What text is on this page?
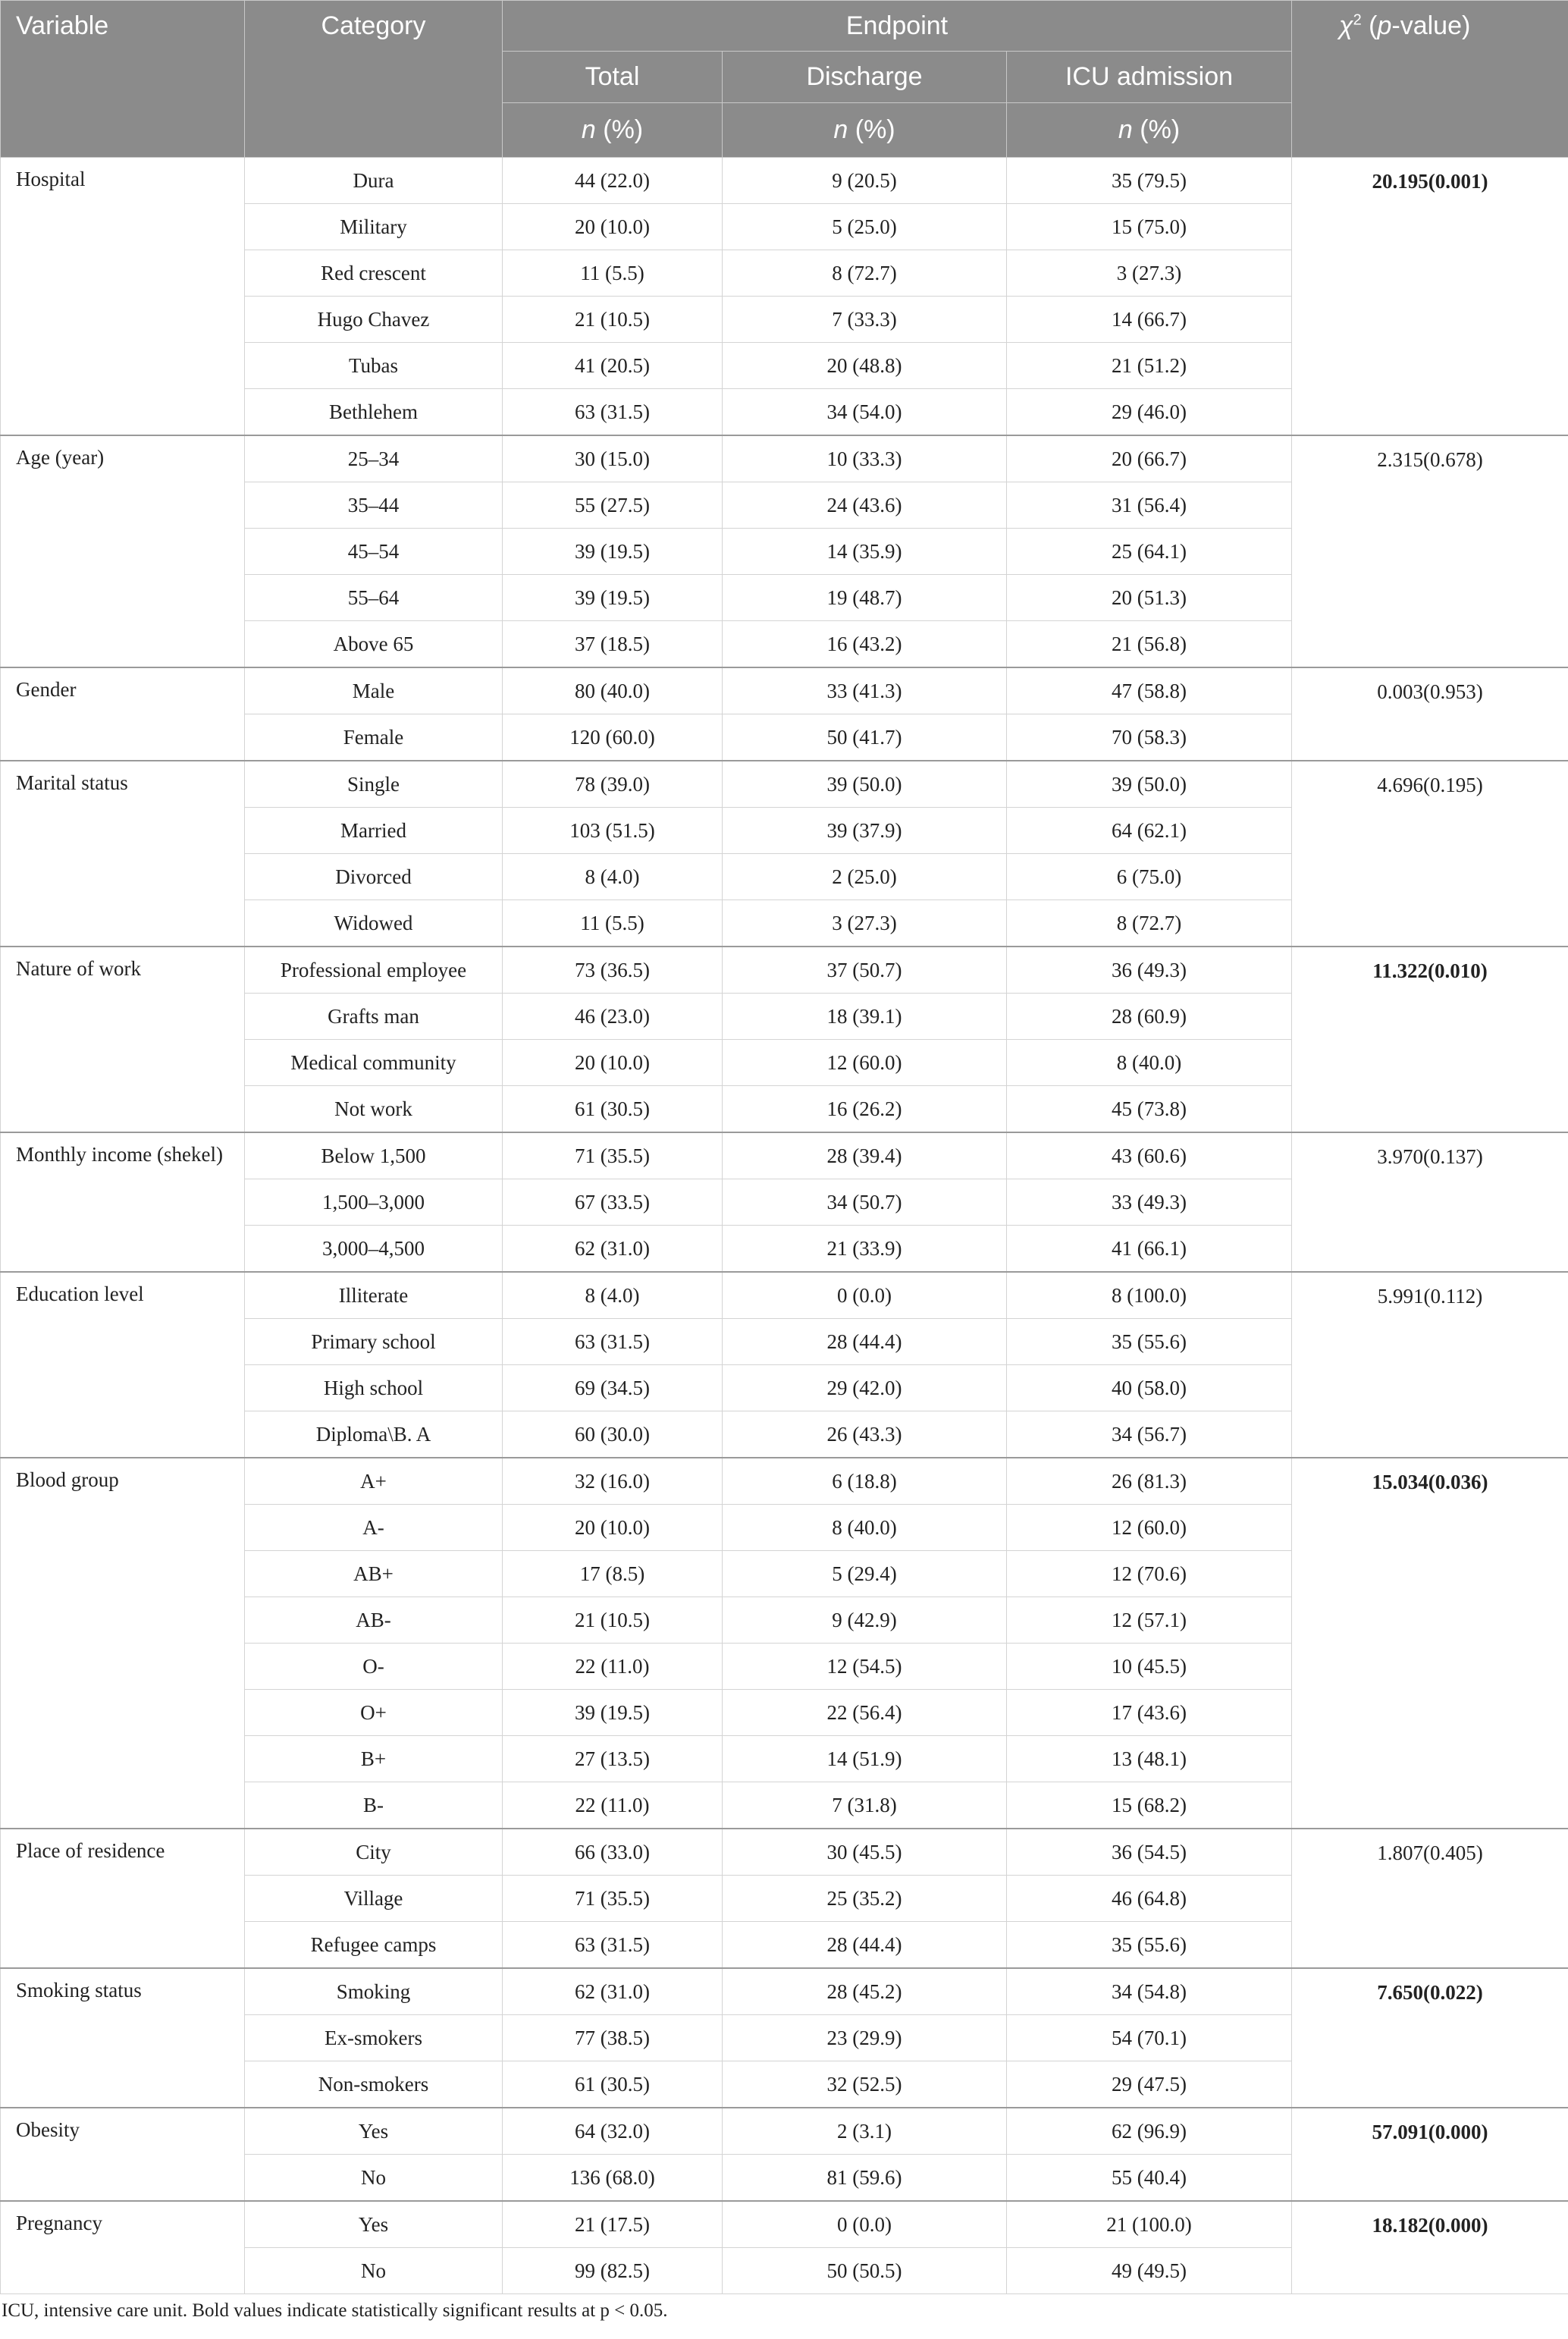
Variable	Category	Endpoint			$\chi^2$ (p-value)
		Total	Discharge	ICU admission	
		n (%)	n (%)	n (%)	

Hospital	Dura	44 (22.0)	9 (20.5)	35 (79.5)	20.195(0.001)
	Military	20 (10.0)	5 (25.0)	15 (75.0)	
	Red crescent	11 (5.5)	8 (72.7)	3 (27.3)	
	Hugo Chavez	21 (10.5)	7 (33.3)	14 (66.7)	
	Tubas	41 (20.5)	20 (48.8)	21 (51.2)	
	Bethlehem	63 (31.5)	34 (54.0)	29 (46.0)	

Age (year)	25–34	30 (15.0)	10 (33.3)	20 (66.7)	2.315(0.678)
	35–44	55 (27.5)	24 (43.6)	31 (56.4)	
	45–54	39 (19.5)	14 (35.9)	25 (64.1)	
	55–64	39 (19.5)	19 (48.7)	20 (51.3)	
	Above 65	37 (18.5)	16 (43.2)	21 (56.8)	

Gender	Male	80 (40.0)	33 (41.3)	47 (58.8)	0.003(0.953)
	Female	120 (60.0)	50 (41.7)	70 (58.3)	

Marital status	Single	78 (39.0)	39 (50.0)	39 (50.0)	4.696(0.195)
	Married	103 (51.5)	39 (37.9)	64 (62.1)	
	Divorced	8 (4.0)	2 (25.0)	6 (75.0)	
	Widowed	11 (5.5)	3 (27.3)	8 (72.7)	

Nature of work	Professional employee	73 (36.5)	37 (50.7)	36 (49.3)	11.322(0.010)
	Grafts man	46 (23.0)	18 (39.1)	28 (60.9)	
	Medical community	20 (10.0)	12 (60.0)	8 (40.0)	
	Not work	61 (30.5)	16 (26.2)	45 (73.8)	

Monthly income (shekel)	Below 1,500	71 (35.5)	28 (39.4)	43 (60.6)	3.970(0.137)
	1,500–3,000	67 (33.5)	34 (50.7)	33 (49.3)	
	3,000–4,500	62 (31.0)	21 (33.9)	41 (66.1)	

Education level	Illiterate	8 (4.0)	0 (0.0)	8 (100.0)	5.991(0.112)
	Primary school	63 (31.5)	28 (44.4)	35 (55.6)	
	High school	69 (34.5)	29 (42.0)	40 (58.0)	
	Diploma\B. A	60 (30.0)	26 (43.3)	34 (56.7)	

Blood group	A+	32 (16.0)	6 (18.8)	26 (81.3)	15.034(0.036)
	A-	20 (10.0)	8 (40.0)	12 (60.0)	
	AB+	17 (8.5)	5 (29.4)	12 (70.6)	
	AB-	21 (10.5)	9 (42.9)	12 (57.1)	
	O-	22 (11.0)	12 (54.5)	10 (45.5)	
	O+	39 (19.5)	22 (56.4)	17 (43.6)	
	B+	27 (13.5)	14 (51.9)	13 (48.1)	
	B-	22 (11.0)	7 (31.8)	15 (68.2)	

Place of residence	City	66 (33.0)	30 (45.5)	36 (54.5)	1.807(0.405)
	Village	71 (35.5)	25 (35.2)	46 (64.8)	
	Refugee camps	63 (31.5)	28 (44.4)	35 (55.6)	

Smoking status	Smoking	62 (31.0)	28 (45.2)	34 (54.8)	7.650(0.022)
	Ex-smokers	77 (38.5)	23 (29.9)	54 (70.1)	
	Non-smokers	61 (30.5)	32 (52.5)	29 (47.5)	

Obesity	Yes	64 (32.0)	2 (3.1)	62 (96.9)	57.091(0.000)
	No	136 (68.0)	81 (59.6)	55 (40.4)	

Pregnancy	Yes	21 (17.5)	0 (0.0)	21 (100.0)	18.182(0.000)
	No	99 (82.5)	50 (50.5)	49 (49.5)	
ICU, intensive care unit. Bold values indicate statistically significant results at p < 0.05.
